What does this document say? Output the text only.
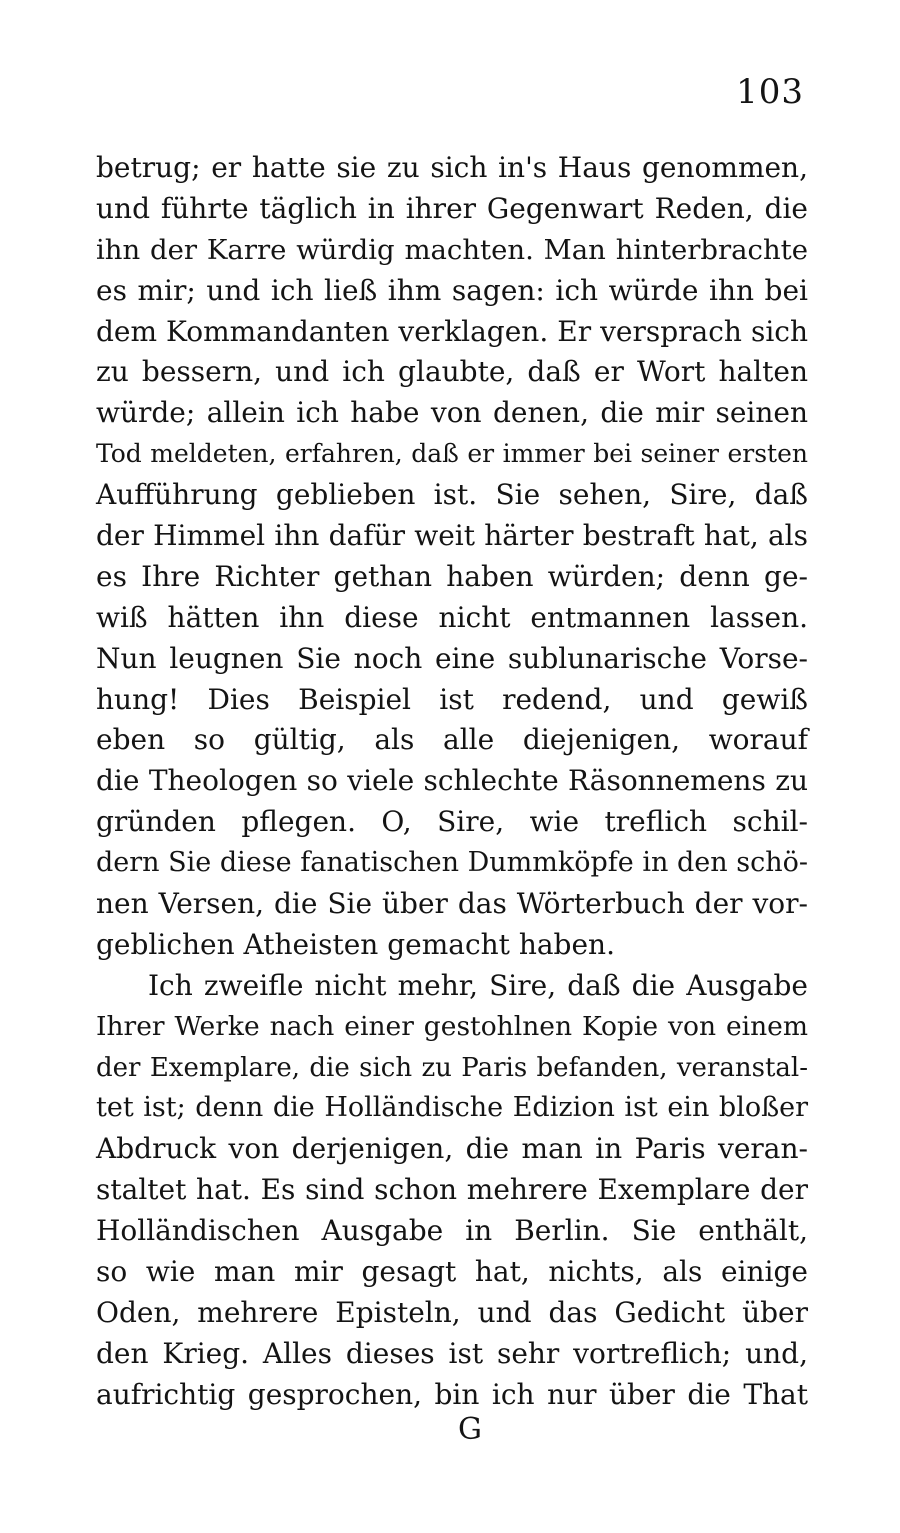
103
betrug; er hatte sie zu sich in's Haus genommen,
und führte täglich in ihrer Gegenwart Reden, die
ihn der Karre würdig machten. Man hinterbrachte
es mir; und ich ließ ihm sagen: ich würde ihn bei
dem Kommandanten verklagen. Er versprach sich
zu bessern, und ich glaubte, daß er Wort halten
würde; allein ich habe von denen, die mir seinen
Tod meldeten, erfahren, daß er immer bei seiner ersten
Aufführung geblieben ist. Sie sehen, Sire, daß
der Himmel ihn dafür weit härter bestraft hat, als
es Ihre Richter gethan haben würden; denn ge-
wiß hätten ihn diese nicht entmannen lassen.
Nun leugnen Sie noch eine sublunarische Vorse-
hung! Dies Beispiel ist redend, und gewiß
eben so gültig, als alle diejenigen, worauf
die Theologen so viele schlechte Räsonnemens zu
gründen pflegen. O, Sire, wie treflich schil-
dern Sie diese fanatischen Dummköpfe in den schö-
nen Versen, die Sie über das Wörterbuch der vor-
geblichen Atheisten gemacht haben.
Ich zweifle nicht mehr, Sire, daß die Ausgabe
Ihrer Werke nach einer gestohlnen Kopie von einem
der Exemplare, die sich zu Paris befanden, veranstal-
tet ist; denn die Holländische Edizion ist ein bloßer
Abdruck von derjenigen, die man in Paris veran-
staltet hat. Es sind schon mehrere Exemplare der
Holländischen Ausgabe in Berlin. Sie enthält,
so wie man mir gesagt hat, nichts, als einige
Oden, mehrere Episteln, und das Gedicht über
den Krieg. Alles dieses ist sehr vortreflich; und,
aufrichtig gesprochen, bin ich nur über die That
G
